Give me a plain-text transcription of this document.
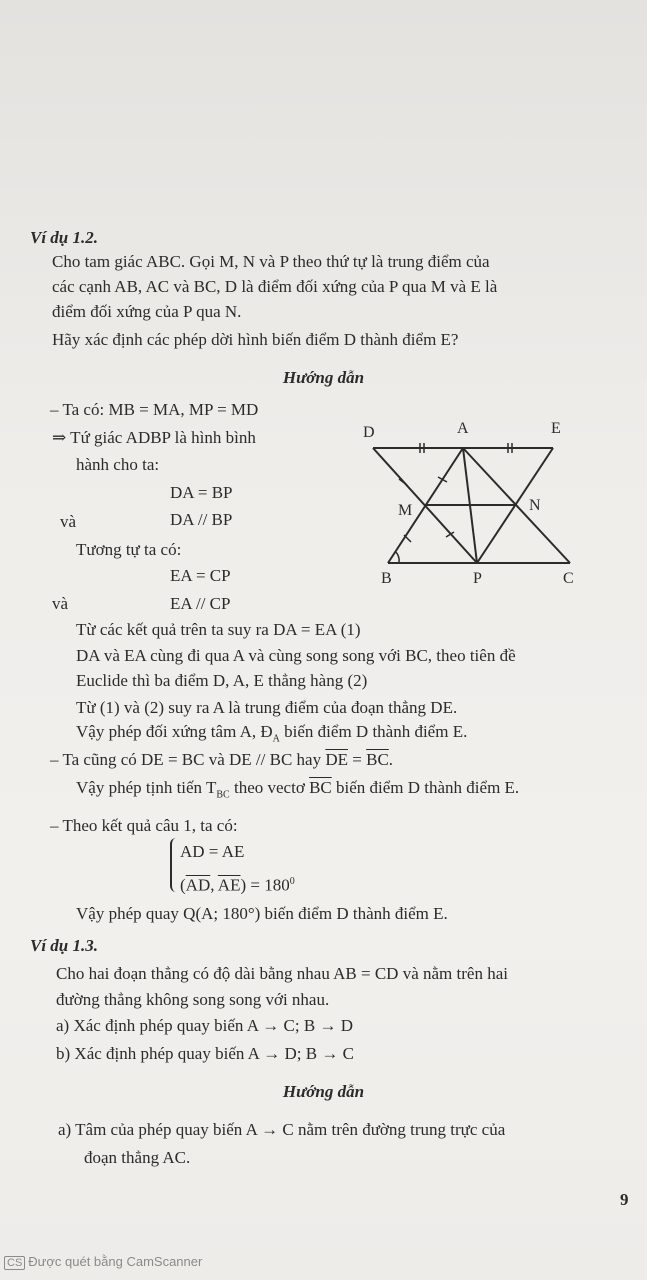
Ví dụ 1.2.
Cho tam giác ABC. Gọi M, N và P theo thứ tự là trung điểm của
các cạnh AB, AC và BC, D là điểm đối xứng của P qua M và E là
điểm đối xứng của P qua N.
Hãy xác định các phép dời hình biến điểm D thành điểm E?
Hướng dẫn
– Ta có: MB = MA, MP = MD
⇒ Tứ giác ADBP là hình bình
hành cho ta:
DA = BP
và	DA // BP
Tương tự ta có:
EA = CP
và	EA // CP
Từ các kết quả trên ta suy ra DA = EA (1)
DA và EA cùng đi qua A và cùng song song với BC, theo tiên đề
Euclide thì ba điểm D, A, E thẳng hàng (2)
Từ (1) và (2) suy ra A là trung điểm của đoạn thẳng DE.
Vậy phép đối xứng tâm A, $Đ_A$ biến điểm D thành điểm E.
– Ta cũng có DE = BC và DE // BC hay $\overline{DE} = \overline{BC}$.
Vậy phép tịnh tiến $T_{BC}$ theo vectơ $\overline{BC}$ biến điểm D thành điểm E.
– Theo kết quả câu 1, ta có:
AD = AE
($\overline{AD}$, $\overline{AE}) = 180^0$
Vậy phép quay Q(A; 180°) biến điểm D thành điểm E.
D	A	E
M	N
B	P	C
Ví dụ 1.3.
Cho hai đoạn thẳng có độ dài bằng nhau AB = CD và nằm trên hai
đường thẳng không song song với nhau.
a) Xác định phép quay biến A → C; B → D
b) Xác định phép quay biến A → D; B → C
Hướng dẫn
a) Tâm của phép quay biến A → C nằm trên đường trung trực của
đoạn thẳng AC.
9
CS Được quét bằng CamScanner
